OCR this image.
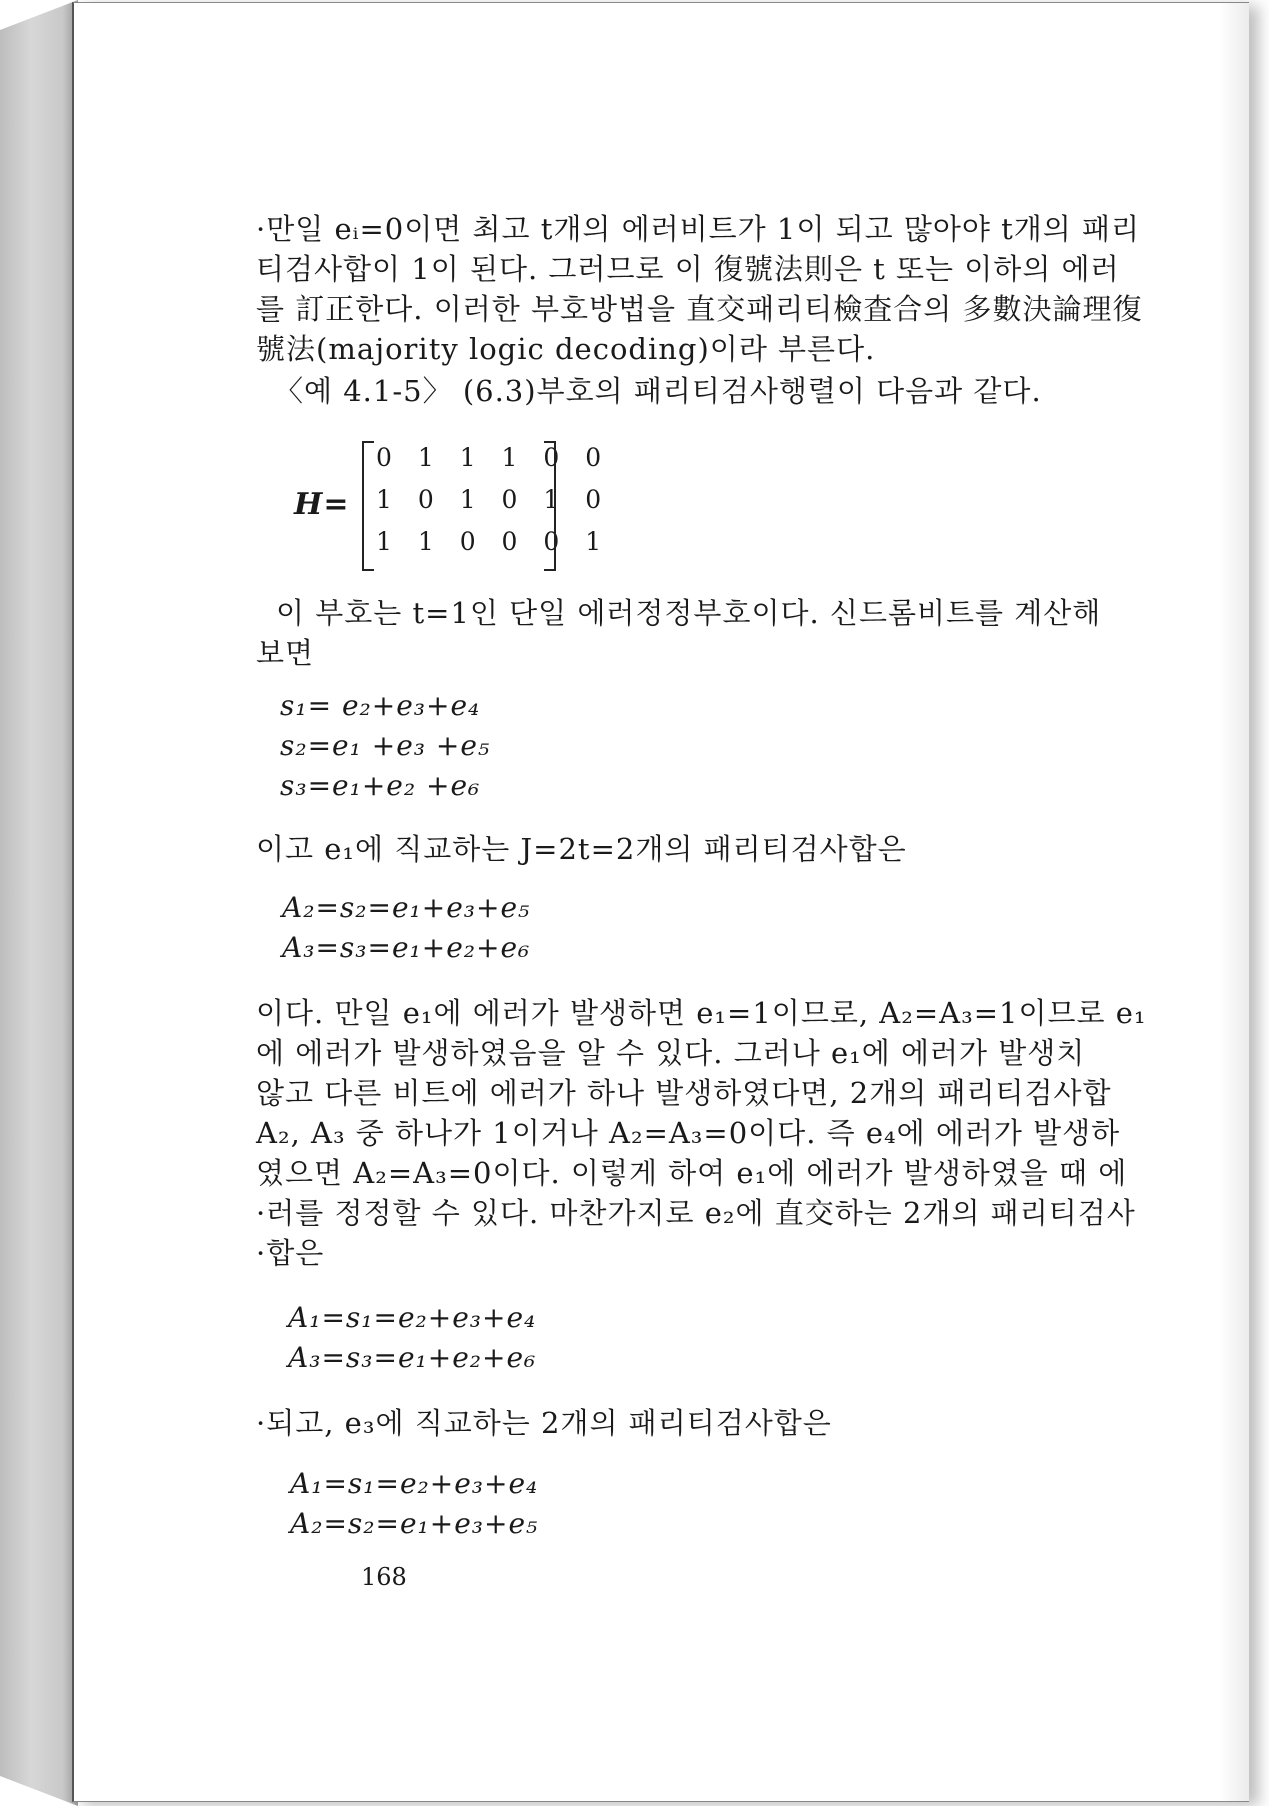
·만일 eᵢ=0이면 최고 t개의 에러비트가 1이 되고 많아야 t개의 패리
티검사합이 1이 된다. 그러므로 이 復號法則은 t 또는 이하의 에러
를 訂正한다. 이러한 부호방법을 直交패리티檢査合의 多數決論理復
號法(majority logic decoding)이라 부른다.
〈예 4.1-5〉 (6.3)부호의 패리티검사행렬이 다음과 같다.
H=
0 1 1 1 0 0
1 0 1 0 1 0
1 1 0 0 0 1
이 부호는 t=1인 단일 에러정정부호이다. 신드롬비트를 계산해
보면
s₁= e₂+e₃+e₄
s₂=e₁ +e₃ +e₅
s₃=e₁+e₂ +e₆
이고 e₁에 직교하는 J=2t=2개의 패리티검사합은
A₂=s₂=e₁+e₃+e₅
A₃=s₃=e₁+e₂+e₆
이다. 만일 e₁에 에러가 발생하면 e₁=1이므로, A₂=A₃=1이므로 e₁
에 에러가 발생하였음을 알 수 있다. 그러나 e₁에 에러가 발생치
않고 다른 비트에 에러가 하나 발생하였다면, 2개의 패리티검사합
A₂, A₃ 중 하나가 1이거나 A₂=A₃=0이다. 즉 e₄에 에러가 발생하
였으면 A₂=A₃=0이다. 이렇게 하여 e₁에 에러가 발생하였을 때 에
·러를 정정할 수 있다. 마찬가지로 e₂에 直交하는 2개의 패리티검사
·합은
A₁=s₁=e₂+e₃+e₄
A₃=s₃=e₁+e₂+e₆
·되고, e₃에 직교하는 2개의 패리티검사합은
A₁=s₁=e₂+e₃+e₄
A₂=s₂=e₁+e₃+e₅
168
